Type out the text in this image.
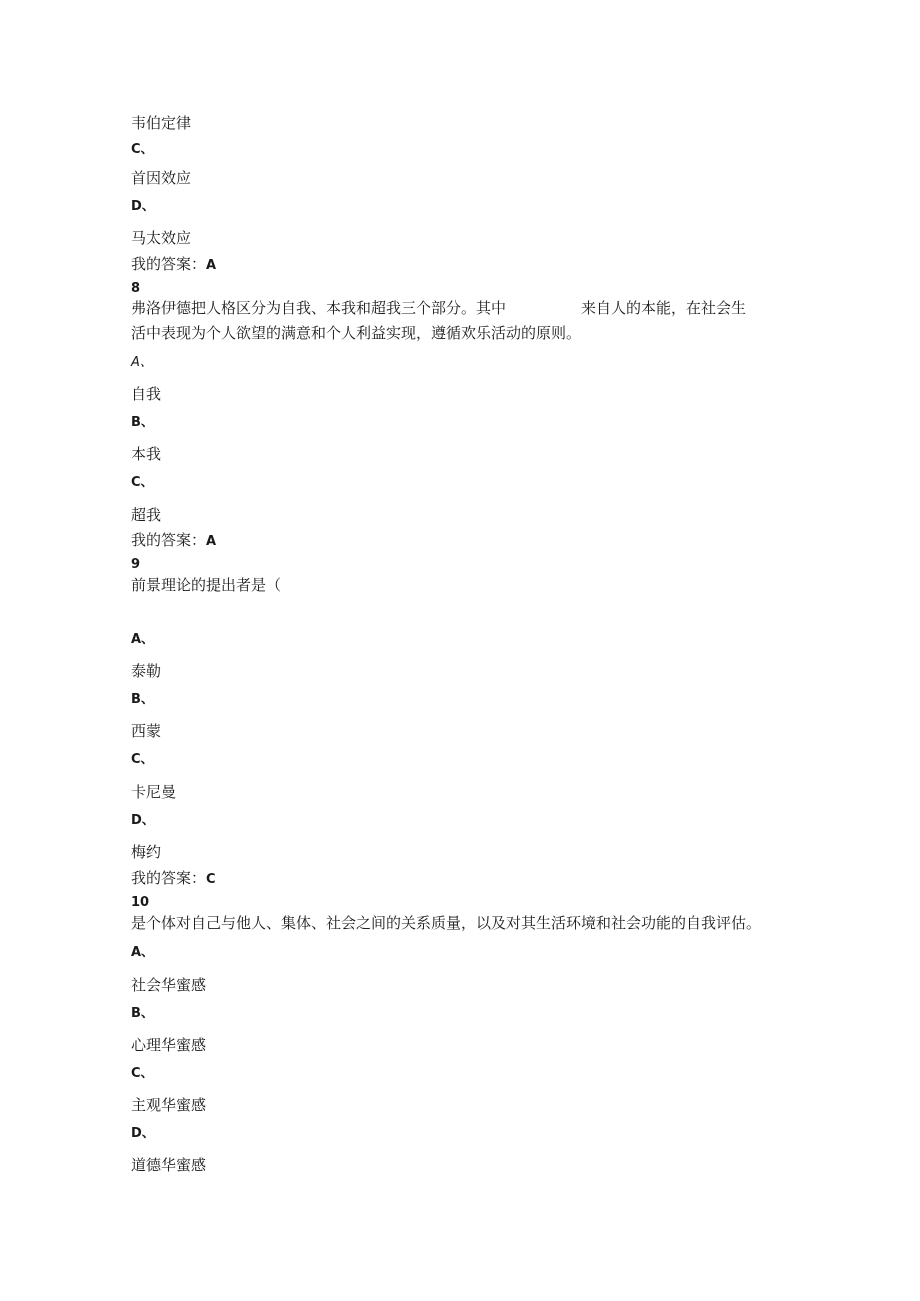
韦伯定律
C、
首因效应
D、
马太效应
我的答案：A
8
弗洛伊德把人格区分为自我、本我和超我三个部分。其中	来自人的本能，在社会生
活中表现为个人欲望的满意和个人利益实现，遵循欢乐活动的原则。
A、
自我
B、
本我
C、
超我
我的答案：A
9
前景理论的提出者是（
A、
泰勒
B、
西蒙
C、
卡尼曼
D、
梅约
我的答案：C
10
是个体对自己与他人、集体、社会之间的关系质量，以及对其生活环境和社会功能的自我评估。
A、
社会华蜜感
B、
心理华蜜感
C、
主观华蜜感
D、
道德华蜜感
